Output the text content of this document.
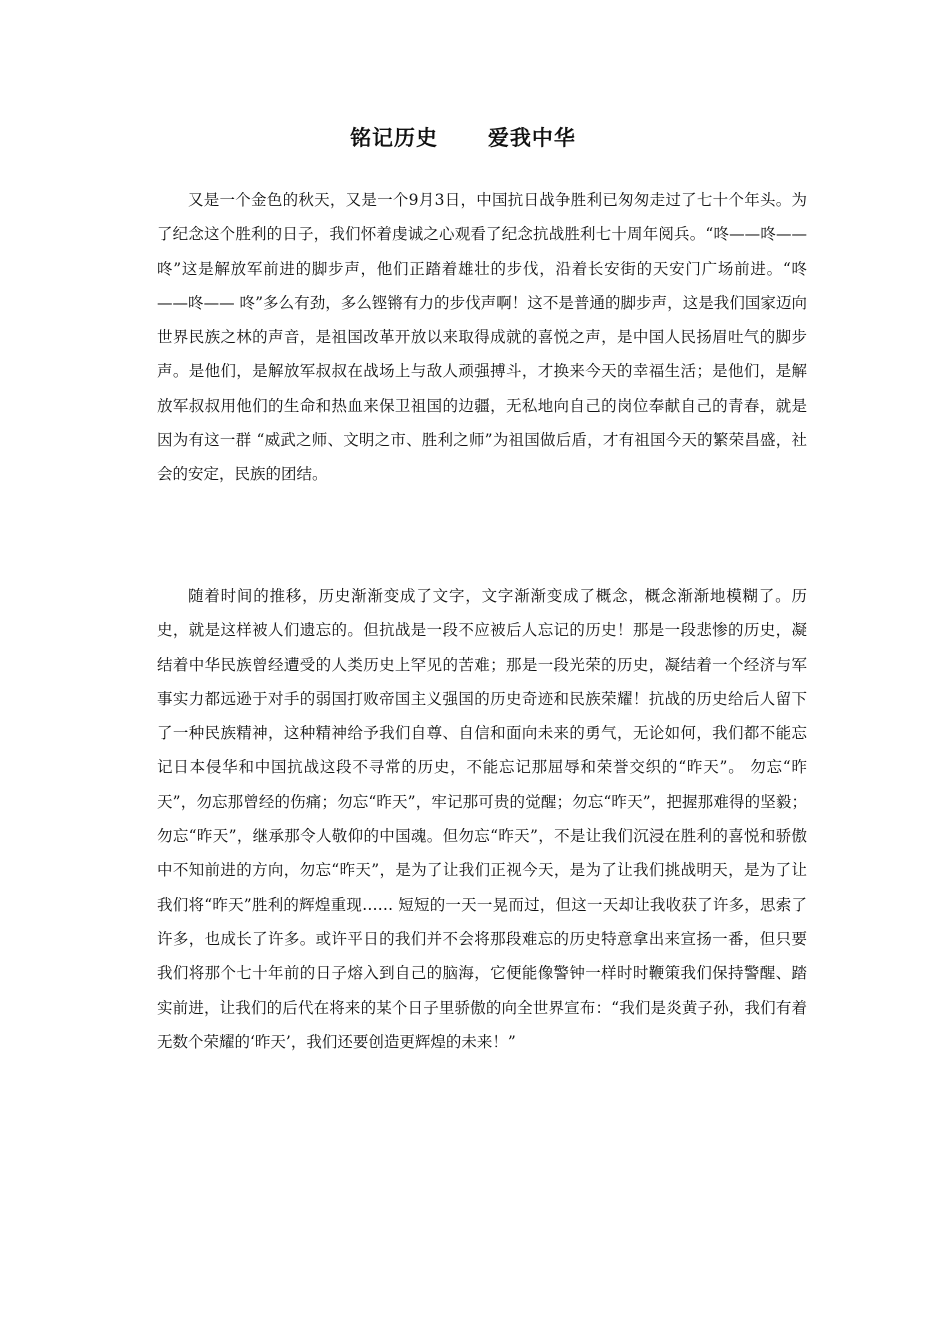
铭记历史      爱我中华

又是一个金色的秋天，又是一个9月3日，中国抗日战争胜利已匆匆走过了七十个年头。为了纪念这个胜利的日子，我们怀着虔诚之心观看了纪念抗战胜利七十周年阅兵。“咚——咚——咚”这是解放军前进的脚步声，他们正踏着雄壮的步伐，沿着长安街的天安门广场前进。“咚——咚—— 咚”多么有劲，多么铿锵有力的步伐声啊！这不是普通的脚步声，这是我们国家迈向世界民族之林的声音，是祖国改革开放以来取得成就的喜悦之声，是中国人民扬眉吐气的脚步声。是他们，是解放军叔叔在战场上与敌人顽强搏斗，才换来今天的幸福生活；是他们，是解放军叔叔用他们的生命和热血来保卫祖国的边疆，无私地向自己的岗位奉献自己的青春，就是因为有这一群 “威武之师、文明之市、胜利之师”为祖国做后盾，才有祖国今天的繁荣昌盛，社会的安定，民族的团结。

随着时间的推移，历史渐渐变成了文字，文字渐渐变成了概念，概念渐渐地模糊了。历史，就是这样被人们遗忘的。但抗战是一段不应被后人忘记的历史！那是一段悲惨的历史，凝结着中华民族曾经遭受的人类历史上罕见的苦难；那是一段光荣的历史，凝结着一个经济与军事实力都远逊于对手的弱国打败帝国主义强国的历史奇迹和民族荣耀！抗战的历史给后人留下了一种民族精神，这种精神给予我们自尊、自信和面向未来的勇气，无论如何，我们都不能忘记日本侵华和中国抗战这段不寻常的历史，不能忘记那屈辱和荣誉交织的“昨天”。 勿忘“昨天”，勿忘那曾经的伤痛；勿忘“昨天”，牢记那可贵的觉醒；勿忘“昨天”，把握那难得的坚毅；勿忘“昨天”，继承那令人敬仰的中国魂。但勿忘“昨天”，不是让我们沉浸在胜利的喜悦和骄傲中不知前进的方向，勿忘“昨天”，是为了让我们正视今天，是为了让我们挑战明天，是为了让我们将“昨天”胜利的辉煌重现…… 短短的一天一晃而过，但这一天却让我收获了许多，思索了许多，也成长了许多。或许平日的我们并不会将那段难忘的历史特意拿出来宣扬一番，但只要我们将那个七十年前的日子熔入到自己的脑海，它便能像警钟一样时时鞭策我们保持警醒、踏实前进，让我们的后代在将来的某个日子里骄傲的向全世界宣布：“我们是炎黄子孙，我们有着无数个荣耀的‘昨天’，我们还要创造更辉煌的未来！”
